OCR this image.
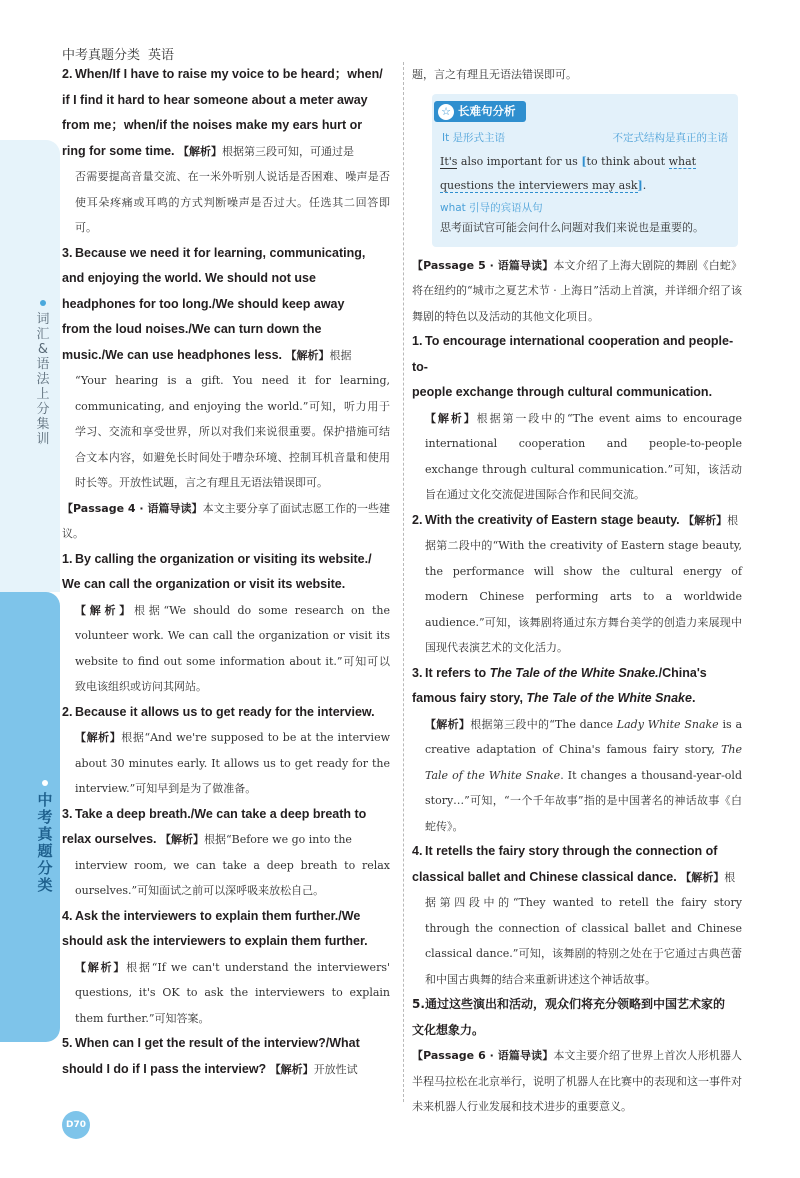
中考真题分类 英语
词汇&语法 上分集训
中考真题分类
2. When/If I have to raise my voice to be heard；when/
if I find it hard to hear someone about a meter away
from me；when/if the noises make my ears hurt or
ring for some time. 【解析】根据第三段可知，可通过是
否需要提高音量交流、在一米外听别人说话是否困难、噪声是否使耳朵疼痛或耳鸣的方式判断噪声是否过大。任选其二回答即可。
3. Because we need it for learning, communicating,
and enjoying the world. We should not use
headphones for too long./We should keep away
from the loud noises./We can turn down the
music./We can use headphones less. 【解析】根据
“Your hearing is a gift. You need it for learning, communicating, and enjoying the world.”可知，听力用于学习、交流和享受世界，所以对我们来说很重要。保护措施可结合文本内容，如避免长时间处于嘈杂环境、控制耳机音量和使用时长等。开放性试题，言之有理且无语法错误即可。
【Passage 4 · 语篇导读】本文主要分享了面试志愿工作的一些建议。
1. By calling the organization or visiting its website./
We can call the organization or visit its website.
【解析】根据“We should do some research on the volunteer work. We can call the organization or visit its website to find out some information about it.”可知可以致电该组织或访问其网站。
2. Because it allows us to get ready for the interview.
【解析】根据“And we're supposed to be at the interview about 30 minutes early. It allows us to get ready for the interview.”可知早到是为了做准备。
3. Take a deep breath./We can take a deep breath to
relax ourselves. 【解析】根据“Before we go into the
interview room, we can take a deep breath to relax ourselves.”可知面试之前可以深呼吸来放松自己。
4. Ask the interviewers to explain them further./We
should ask the interviewers to explain them further.
【解析】根据“If we can't understand the interviewers' questions, it's OK to ask the interviewers to explain them further.”可知答案。
5. When can I get the result of the interview?/What
should I do if I pass the interview? 【解析】开放性试
题，言之有理且无语法错误即可。
☆ 长难句分析
It 是形式主语	不定式结构是真正的主语
It's also important for us [to think about what questions the interviewers may ask].
what 引导的宾语从句
思考面试官可能会问什么问题对我们来说也是重要的。
【Passage 5 · 语篇导读】本文介绍了上海大剧院的舞剧《白蛇》将在纽约的“城市之夏艺术节 · 上海日”活动上首演，并详细介绍了该舞剧的特色以及活动的其他文化项目。
1. To encourage international cooperation and people-to-
people exchange through cultural communication.
【解析】根据第一段中的“The event aims to encourage international cooperation and people-to-people exchange through cultural communication.”可知，该活动旨在通过文化交流促进国际合作和民间交流。
2. With the creativity of Eastern stage beauty. 【解析】根
据第二段中的“With the creativity of Eastern stage beauty, the performance will show the cultural energy of modern Chinese performing arts to a worldwide audience.”可知，该舞剧将通过东方舞台美学的创造力来展现中国现代表演艺术的文化活力。
3. It refers to The Tale of the White Snake./China's
famous fairy story, The Tale of the White Snake.
【解析】根据第三段中的“The dance Lady White Snake is a creative adaptation of China's famous fairy story, The Tale of the White Snake. It changes a thousand-year-old story…”可知，“一个千年故事”指的是中国著名的神话故事《白蛇传》。
4. It retells the fairy story through the connection of
classical ballet and Chinese classical dance. 【解析】根
据第四段中的“They wanted to retell the fairy story through the connection of classical ballet and Chinese classical dance.”可知，该舞剧的特别之处在于它通过古典芭蕾和中国古典舞的结合来重新讲述这个神话故事。
5.通过这些演出和活动，观众们将充分领略到中国艺术家的
文化想象力。
【Passage 6 · 语篇导读】本文主要介绍了世界上首次人形机器人半程马拉松在北京举行，说明了机器人在比赛中的表现和这一事件对未来机器人行业发展和技术进步的重要意义。
D70
